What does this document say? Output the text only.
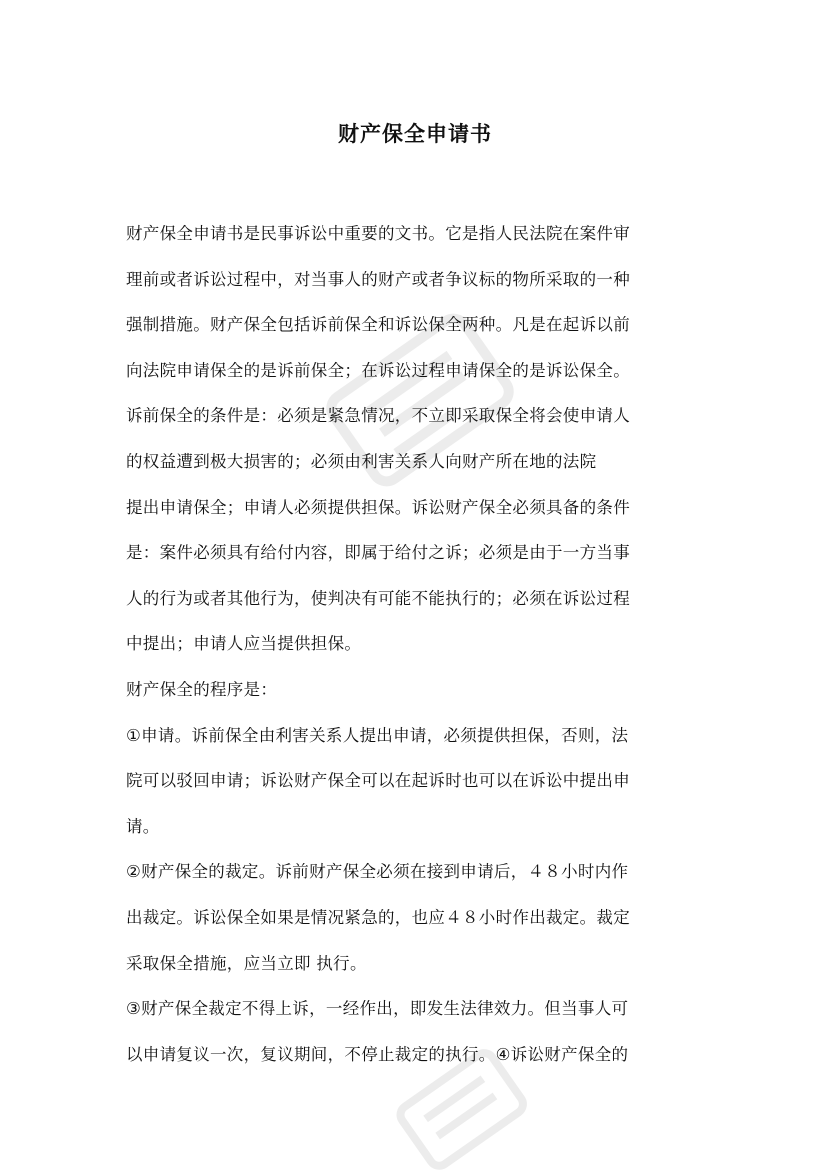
财产保全申请书
财产保全申请书是民事诉讼中重要的文书。它是指人民法院在案件审
理前或者诉讼过程中，对当事人的财产或者争议标的物所采取的一种
强制措施。财产保全包括诉前保全和诉讼保全两种。凡是在起诉以前
向法院申请保全的是诉前保全；在诉讼过程申请保全的是诉讼保全。
诉前保全的条件是：必须是紧急情况，不立即采取保全将会使申请人
的权益遭到极大损害的；必须由利害关系人向财产所在地的法院
提出申请保全；申请人必须提供担保。诉讼财产保全必须具备的条件
是：案件必须具有给付内容，即属于给付之诉；必须是由于一方当事
人的行为或者其他行为，使判决有可能不能执行的；必须在诉讼过程
中提出；申请人应当提供担保。
财产保全的程序是：
①申请。诉前保全由利害关系人提出申请，必须提供担保，否则，法
院可以驳回申请；诉讼财产保全可以在起诉时也可以在诉讼中提出申
请。
②财产保全的裁定。诉前财产保全必须在接到申请后，４８小时内作
出裁定。诉讼保全如果是情况紧急的，也应４８小时作出裁定。裁定
采取保全措施，应当立即 执行。
③财产保全裁定不得上诉，一经作出，即发生法律效力。但当事人可
以申请复议一次，复议期间，不停止裁定的执行。④诉讼财产保全的
